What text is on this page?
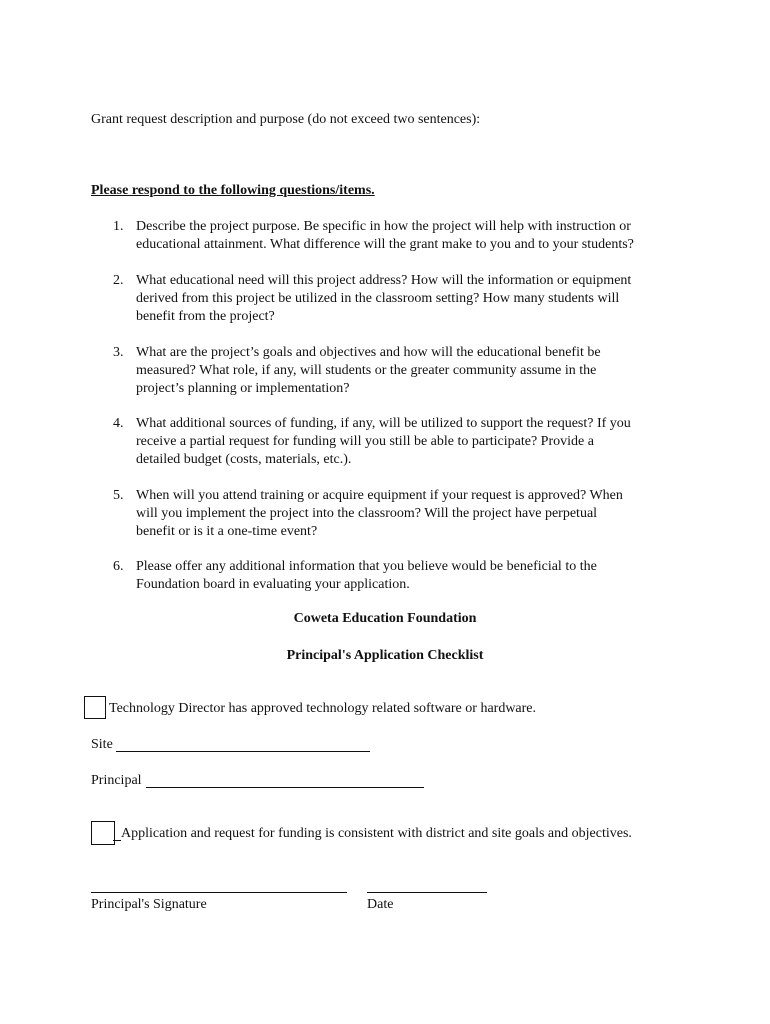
Grant request description and purpose (do not exceed two sentences):
Please respond to the following questions/items.
1. Describe the project purpose. Be specific in how the project will help with instruction or
educational attainment. What difference will the grant make to you and to your students?
2. What educational need will this project address? How will the information or equipment
derived from this project be utilized in the classroom setting? How many students will
benefit from the project?
3. What are the project’s goals and objectives and how will the educational benefit be
measured? What role, if any, will students or the greater community assume in the
project’s planning or implementation?
4. What additional sources of funding, if any, will be utilized to support the request? If you
receive a partial request for funding will you still be able to participate? Provide a
detailed budget (costs, materials, etc.).
5. When will you attend training or acquire equipment if your request is approved? When
will you implement the project into the classroom? Will the project have perpetual
benefit or is it a one-time event?
6. Please offer any additional information that you believe would be beneficial to the
Foundation board in evaluating your application.
Coweta Education Foundation
Principal's Application Checklist
Technology Director has approved technology related software or hardware.
Site
Principal
Application and request for funding is consistent with district and site goals and objectives.
Principal's Signature	Date
